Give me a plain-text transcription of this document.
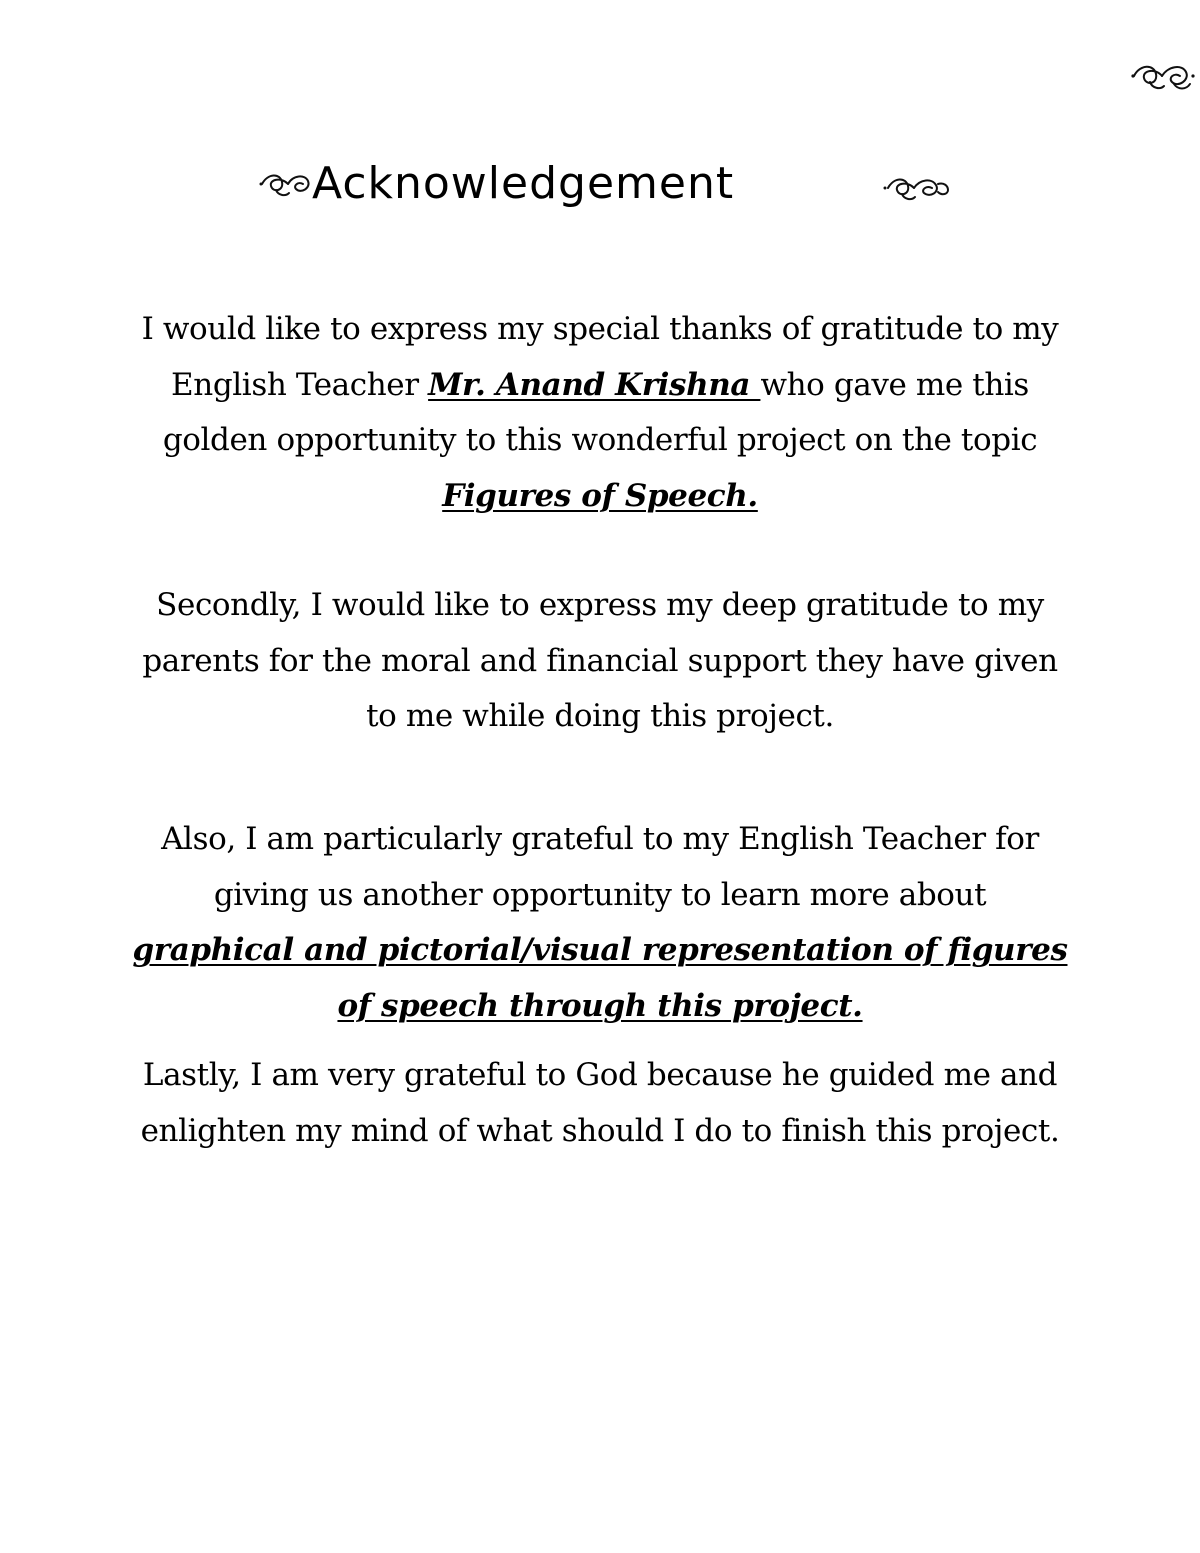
Acknowledgement
I would like to express my special thanks of gratitude to my English Teacher Mr. Anand Krishna who gave me this golden opportunity to this wonderful project on the topic Figures of Speech.
Secondly, I would like to express my deep gratitude to my parents for the moral and financial support they have given to me while doing this project.
Also, I am particularly grateful to my English Teacher for giving us another opportunity to learn more about graphical and pictorial/visual representation of figures of speech through this project.
Lastly, I am very grateful to God because he guided me and enlighten my mind of what should I do to finish this project.
